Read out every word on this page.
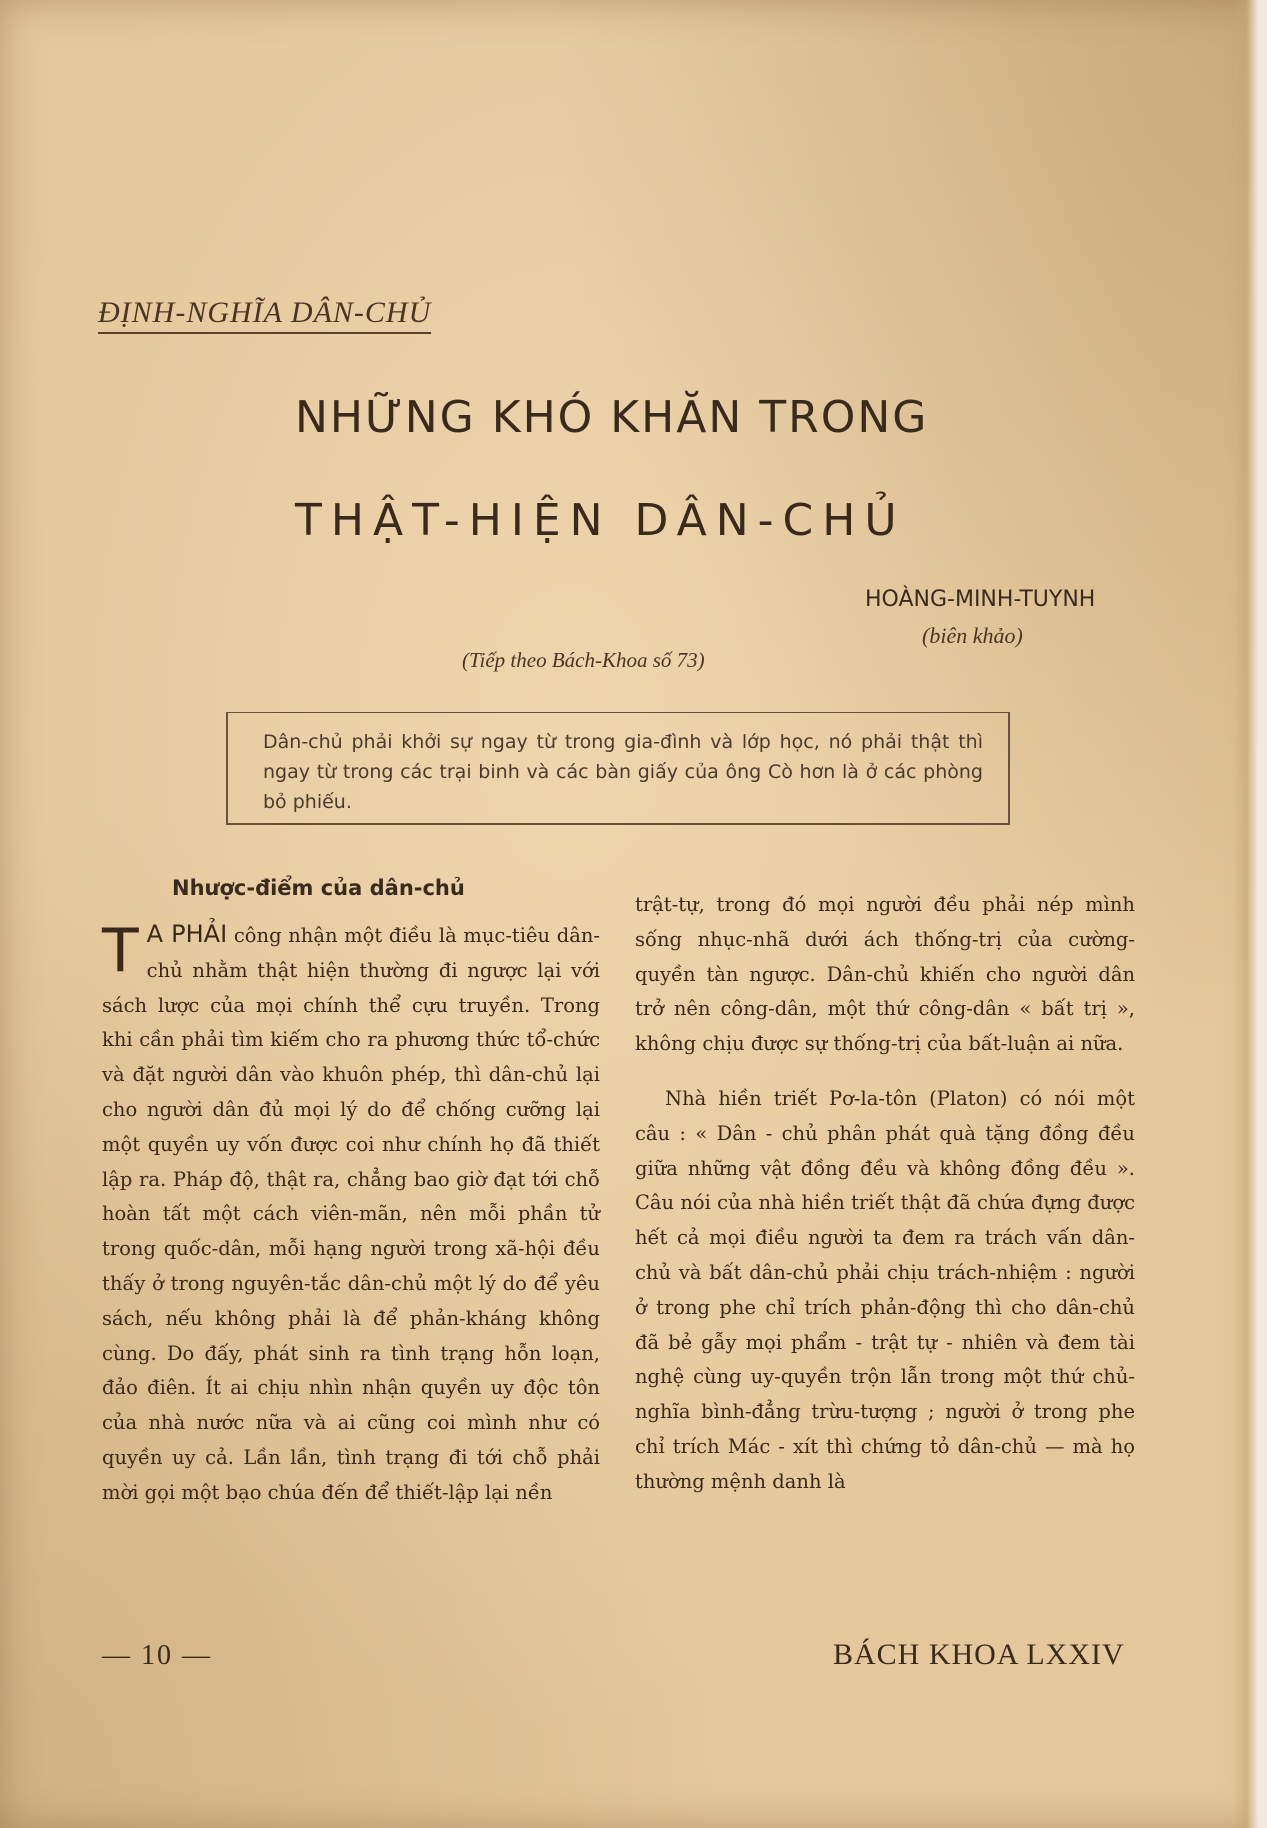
ĐỊNH-NGHĨA DÂN-CHỦ
NHỮNG KHÓ KHĂN TRONG
THẬT-HIỆN DÂN-CHỦ
HOÀNG-MINH-TUYNH
(biên khảo)
(Tiếp theo Bách-Khoa số 73)
Dân-chủ phải khởi sự ngay từ trong gia-đình và lớp học, nó phải thật thì ngay từ trong các trại binh và các bàn giấy của ông Cò hơn là ở các phòng bỏ phiếu.
Nhược-điểm của dân-chủ

T A PHẢI công nhận một điều là mục-tiêu dân-chủ nhằm thật hiện thường đi ngược lại với sách lược của mọi chính thể cựu truyền. Trong khi cần phải tìm kiếm cho ra phương thức tổ-chức và đặt người dân vào khuôn phép, thì dân-chủ lại cho người dân đủ mọi lý do để chống cưỡng lại một quyền uy vốn được coi như chính họ đã thiết lập ra. Pháp độ, thật ra, chẳng bao giờ đạt tới chỗ hoàn tất một cách viên-mãn, nên mỗi phần tử trong quốc-dân, mỗi hạng người trong xã-hội đều thấy ở trong nguyên-tắc dân-chủ một lý do để yêu sách, nếu không phải là để phản-kháng không cùng. Do đấy, phát sinh ra tình trạng hỗn loạn, đảo điên. Ít ai chịu nhìn nhận quyền uy độc tôn của nhà nước nữa và ai cũng coi mình như có quyền uy cả. Lần lần, tình trạng đi tới chỗ phải mời gọi một bạo chúa đến để thiết-lập lại nền

trật-tự, trong đó mọi người đều phải nép mình sống nhục-nhã dưới ách thống-trị của cường-quyền tàn ngược. Dân-chủ khiến cho người dân trở nên công-dân, một thứ công-dân « bất trị », không chịu được sự thống-trị của bất-luận ai nữa.

Nhà hiền triết Pơ-la-tôn (Platon) có nói một câu : « Dân - chủ phân phát quà tặng đồng đều giữa những vật đồng đều và không đồng đều ». Câu nói của nhà hiền triết thật đã chứa đựng được hết cả mọi điều người ta đem ra trách vấn dân-chủ và bất dân-chủ phải chịu trách-nhiệm : người ở trong phe chỉ trích phản-động thì cho dân-chủ đã bẻ gẫy mọi phẩm - trật tự - nhiên và đem tài nghệ cùng uy-quyền trộn lẫn trong một thứ chủ-nghĩa bình-đẳng trừu-tượng ; người ở trong phe chỉ trích Mác - xít thì chứng tỏ dân-chủ — mà họ thường mệnh danh là

— 10 —	BÁCH KHOA LXXIV
